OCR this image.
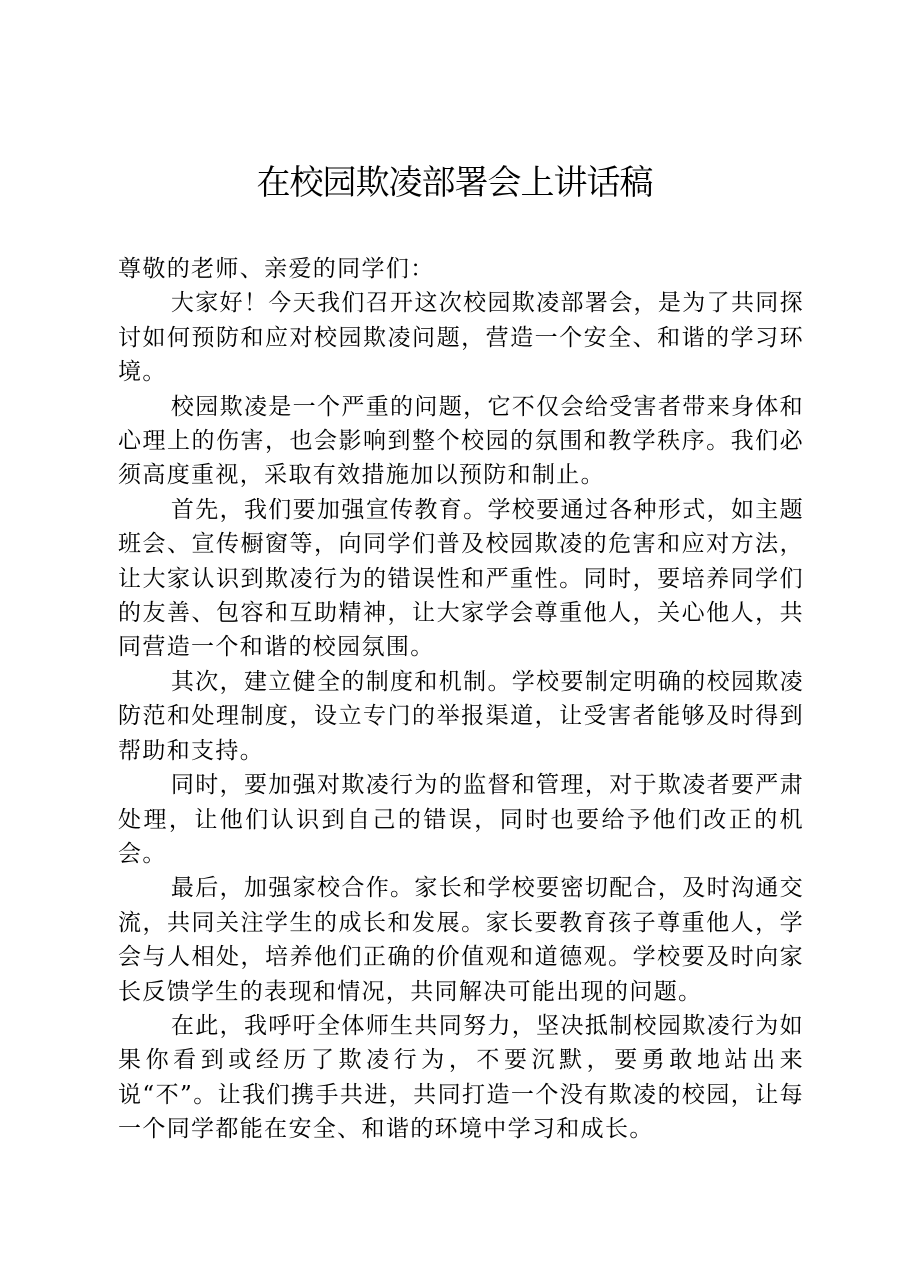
在校园欺凌部署会上讲话稿

尊敬的老师、亲爱的同学们：

大家好！今天我们召开这次校园欺凌部署会，是为了共同探讨如何预防和应对校园欺凌问题，营造一个安全、和谐的学习环境。

校园欺凌是一个严重的问题，它不仅会给受害者带来身体和心理上的伤害，也会影响到整个校园的氛围和教学秩序。我们必须高度重视，采取有效措施加以预防和制止。

首先，我们要加强宣传教育。学校要通过各种形式，如主题班会、宣传橱窗等，向同学们普及校园欺凌的危害和应对方法，让大家认识到欺凌行为的错误性和严重性。同时，要培养同学们的友善、包容和互助精神，让大家学会尊重他人，关心他人，共同营造一个和谐的校园氛围。

其次，建立健全的制度和机制。学校要制定明确的校园欺凌防范和处理制度，设立专门的举报渠道，让受害者能够及时得到帮助和支持。

同时，要加强对欺凌行为的监督和管理，对于欺凌者要严肃处理，让他们认识到自己的错误，同时也要给予他们改正的机会。

最后，加强家校合作。家长和学校要密切配合，及时沟通交流，共同关注学生的成长和发展。家长要教育孩子尊重他人，学会与人相处，培养他们正确的价值观和道德观。学校要及时向家长反馈学生的表现和情况，共同解决可能出现的问题。

在此，我呼吁全体师生共同努力，坚决抵制校园欺凌行为如果你看到或经历了欺凌行为，不要沉默，要勇敢地站出来说“不”。让我们携手共进，共同打造一个没有欺凌的校园，让每一个同学都能在安全、和谐的环境中学习和成长。
